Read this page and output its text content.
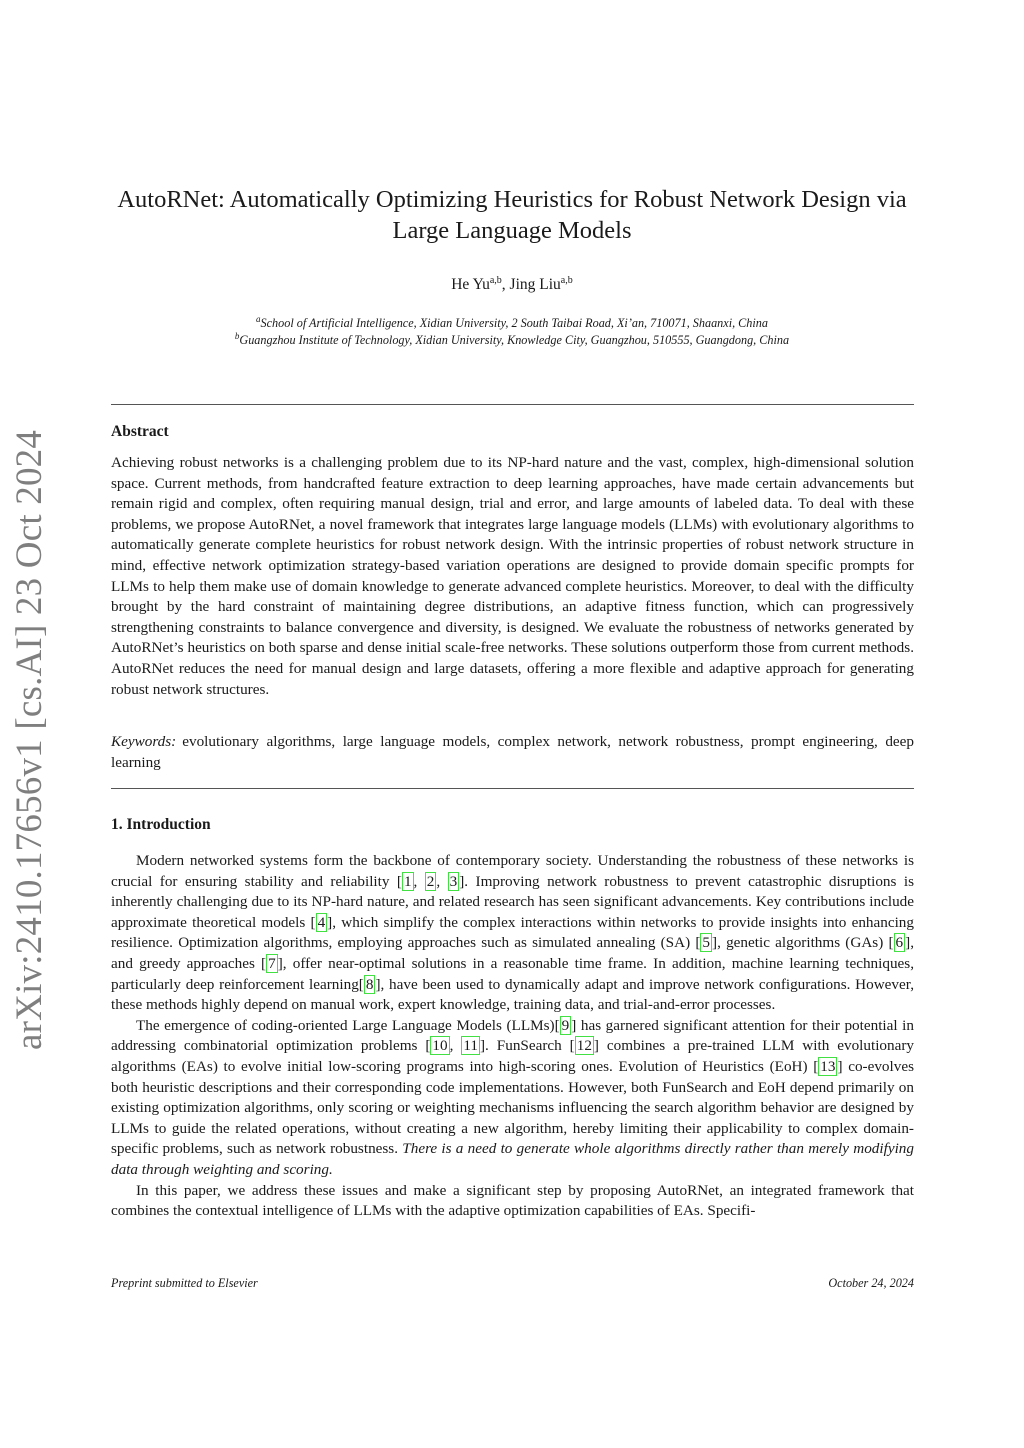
arXiv:2410.17656v1 [cs.AI] 23 Oct 2024
AutoRNet: Automatically Optimizing Heuristics for Robust Network Design via
Large Language Models
He Yu$^{a,b}$, Jing Liu$^{a,b}$
$^a$School of Artificial Intelligence, Xidian University, 2 South Taibai Road, Xi’an, 710071, Shaanxi, China
$^b$Guangzhou Institute of Technology, Xidian University, Knowledge City, Guangzhou, 510555, Guangdong, China
Abstract

Achieving robust networks is a challenging problem due to its NP-hard nature and the vast, complex, high-dimensional solution space. Current methods, from handcrafted feature extraction to deep learning approaches, have made certain advancements but remain rigid and complex, often requiring manual design, trial and error, and large amounts of labeled data. To deal with these problems, we propose AutoRNet, a novel framework that integrates large language models (LLMs) with evolutionary algorithms to automatically generate complete heuristics for robust network design. With the intrinsic properties of robust network structure in mind, effective network optimization strategy-based variation operations are designed to provide domain specific prompts for LLMs to help them make use of domain knowledge to generate advanced complete heuristics. Moreover, to deal with the difficulty brought by the hard constraint of maintaining degree distributions, an adaptive fitness function, which can progressively strengthening constraints to balance convergence and diversity, is designed. We evaluate the robustness of networks generated by AutoRNet’s heuristics on both sparse and dense initial scale-free networks. These solutions outperform those from current methods. AutoRNet reduces the need for manual design and large datasets, offering a more flexible and adaptive approach for generating robust network structures.

Keywords: evolutionary algorithms, large language models, complex network, network robustness, prompt engineering, deep learning

1. Introduction

Modern networked systems form the backbone of contemporary society. Understanding the robustness of these networks is crucial for ensuring stability and reliability [ 1 , 2 , 3 ]. Improving network robustness to prevent catastrophic disruptions is inherently challenging due to its NP-hard nature, and related research has seen significant advancements. Key contributions include approximate theoretical models [ 4 ], which simplify the complex interactions within networks to provide insights into enhancing resilience. Optimization algorithms, employing approaches such as simulated annealing (SA) [ 5 ], genetic algorithms (GAs) [ 6 ], and greedy approaches [ 7 ], offer near-optimal solutions in a reasonable time frame. In addition, machine learning techniques, particularly deep reinforcement learning[ 8 ], have been used to dynamically adapt and improve network configurations. However, these methods highly depend on manual work, expert knowledge, training data, and trial-and-error processes.

The emergence of coding-oriented Large Language Models (LLMs)[ 9 ] has garnered significant attention for their potential in addressing combinatorial optimization problems [ 10 , 11 ]. FunSearch [ 12 ] combines a pre-trained LLM with evolutionary algorithms (EAs) to evolve initial low-scoring programs into high-scoring ones. Evolution of Heuristics (EoH) [ 13 ] co-evolves both heuristic descriptions and their corresponding code implementations. However, both FunSearch and EoH depend primarily on existing optimization algorithms, only scoring or weighting mechanisms influencing the search algorithm behavior are designed by LLMs to guide the related operations, without creating a new algorithm, hereby limiting their applicability to complex domain-specific problems, such as network robustness. There is a need to generate whole algorithms directly rather than merely modifying data through weighting and scoring.

In this paper, we address these issues and make a significant step by proposing AutoRNet, an integrated framework that combines the contextual intelligence of LLMs with the adaptive optimization capabilities of EAs. Specifi-

Preprint submitted to Elsevier	October 24, 2024
